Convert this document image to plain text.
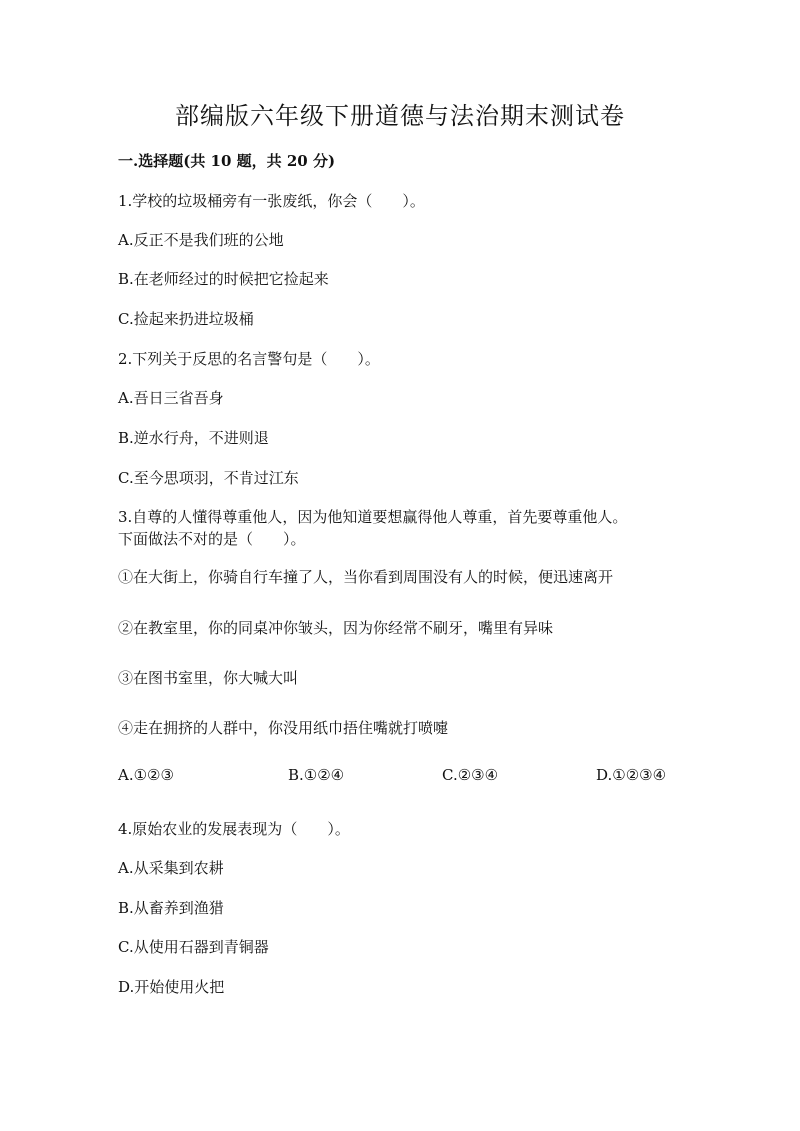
部编版六年级下册道德与法治期末测试卷
一.选择题(共 10 题，共 20 分)
1.学校的垃圾桶旁有一张废纸，你会（　　）。
A.反正不是我们班的公地
B.在老师经过的时候把它捡起来
C.捡起来扔进垃圾桶
2.下列关于反思的名言警句是（　　）。
A.吾日三省吾身
B.逆水行舟，不进则退
C.至今思项羽，不肯过江东
3.自尊的人懂得尊重他人，因为他知道要想赢得他人尊重，首先要尊重他人。
下面做法不对的是（　　）。
①在大街上，你骑自行车撞了人，当你看到周围没有人的时候，便迅速离开
②在教室里，你的同桌冲你皱头，因为你经常不刷牙，嘴里有异味
③在图书室里，你大喊大叫
④走在拥挤的人群中，你没用纸巾捂住嘴就打喷嚏
A.①②③	B.①②④	C.②③④	D.①②③④
4.原始农业的发展表现为（　　）。
A.从采集到农耕
B.从畜养到渔猎
C.从使用石器到青铜器
D.开始使用火把
